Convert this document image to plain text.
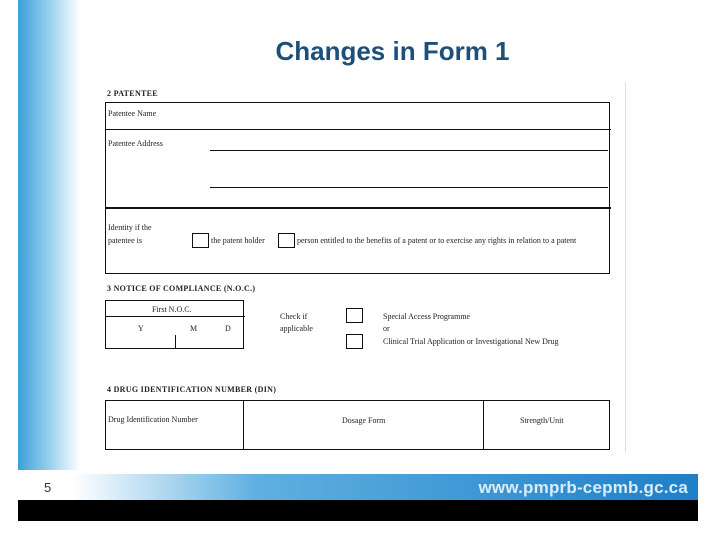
Changes in Form 1
2 PATENTEE
Patentee Name
Patentee Address
Identity if the
patentee is	the patent holder	person entitled to the benefits of a patent or to exercise any rights in relation to a patent
3 NOTICE OF COMPLIANCE (N.O.C.)
First N.O.C.
Y	M	D
Check if
applicable
Special Access Programme
or
Clinical Trial Application or Investigational New Drug
4 DRUG IDENTIFICATION NUMBER (DIN)
Drug Identification Number	Dosage Form	Strength/Unit
5	www.pmprb-cepmb.gc.ca
